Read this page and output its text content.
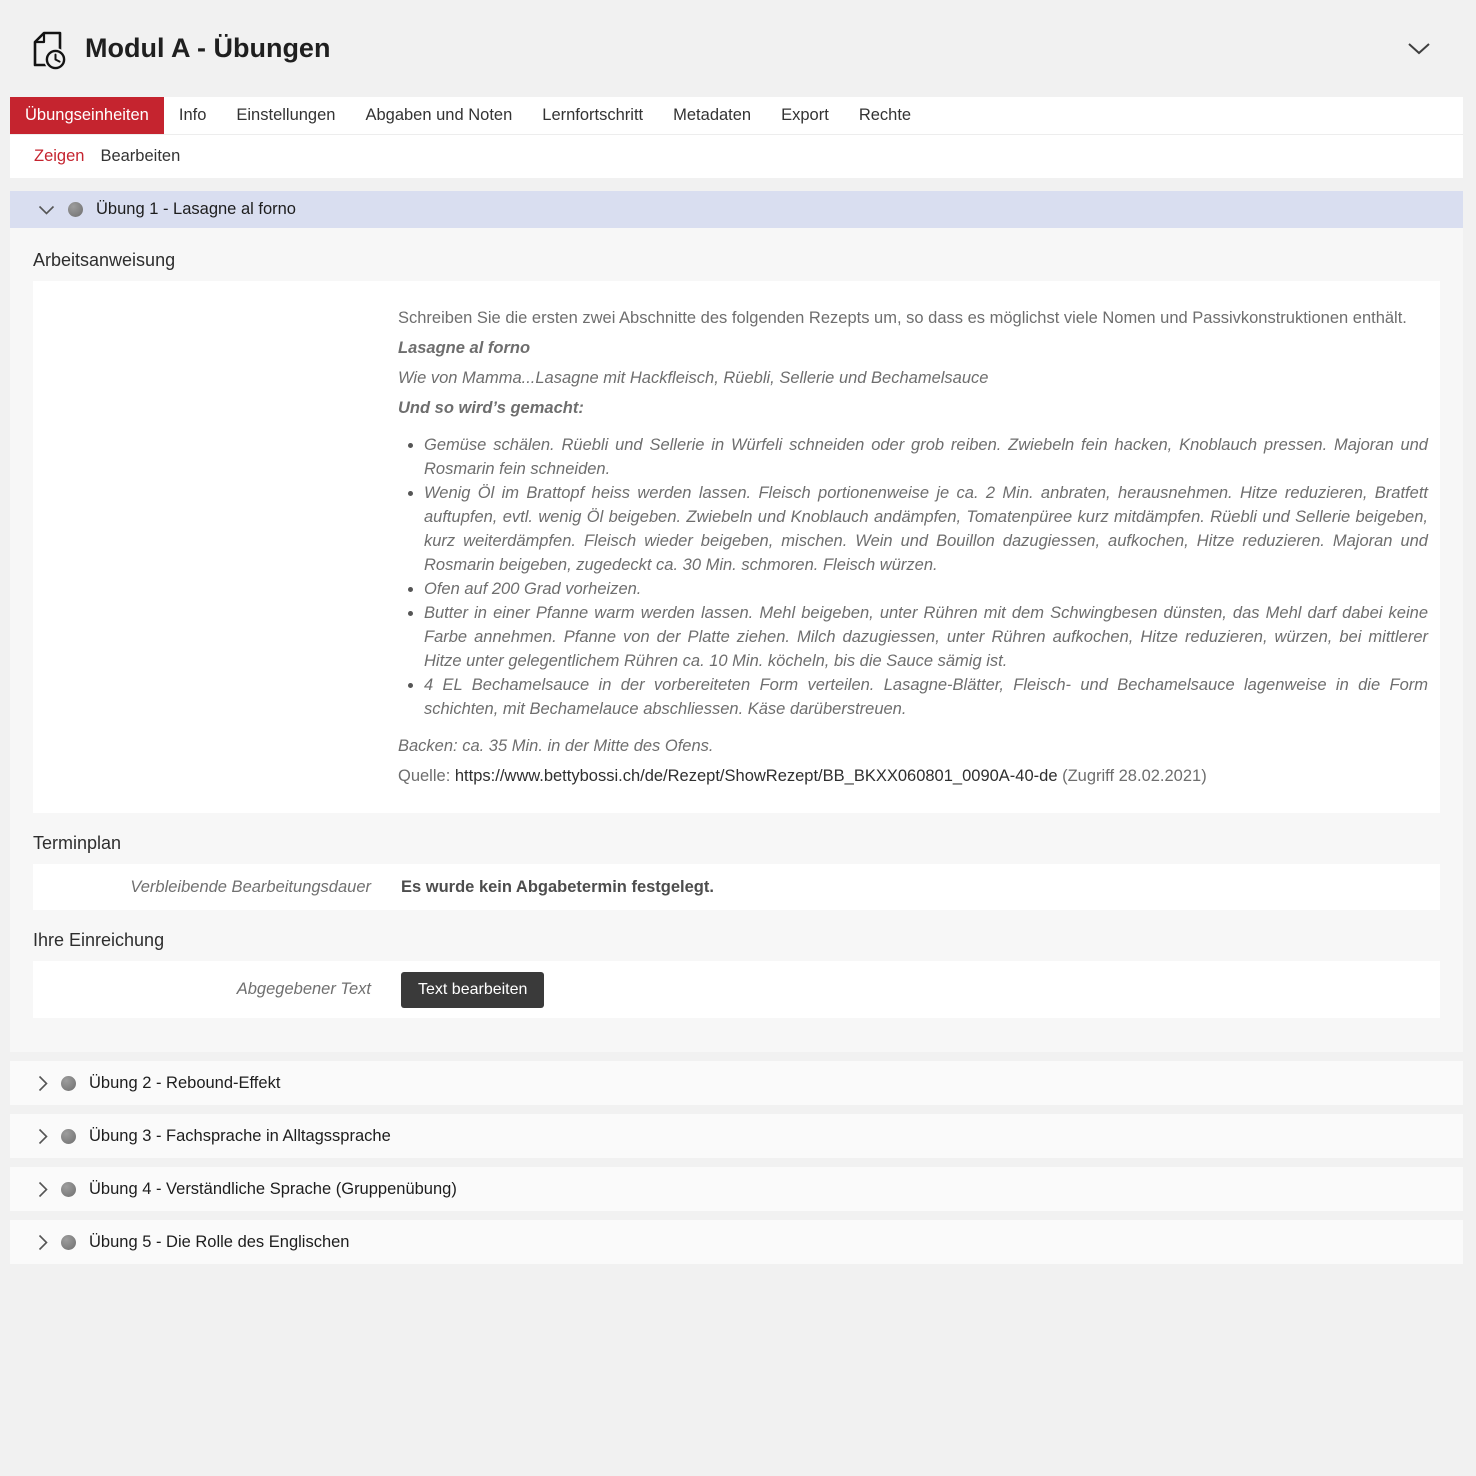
Modul A - Übungen
Übungseinheiten	Info	Einstellungen	Abgaben und Noten	Lernfortschritt	Metadaten	Export	Rechte
Zeigen Bearbeiten
Übung 1 - Lasagne al forno
Arbeitsanweisung

Schreiben Sie die ersten zwei Abschnitte des folgenden Rezepts um, so dass es möglichst viele Nomen und Passivkonstruktionen enthält.

Lasagne al forno

Wie von Mamma...Lasagne mit Hackfleisch, Rüebli, Sellerie und Bechamelsauce

Und so wird’s gemacht:

• Gemüse schälen. Rüebli und Sellerie in Würfeli schneiden oder grob reiben. Zwiebeln fein hacken, Knoblauch pressen. Majoran und Rosmarin fein schneiden.
• Wenig Öl im Brattopf heiss werden lassen. Fleisch portionenweise je ca. 2 Min. anbraten, herausnehmen. Hitze reduzieren, Bratfett auftupfen, evtl. wenig Öl beigeben. Zwiebeln und Knoblauch andämpfen, Tomatenpüree kurz mitdämpfen. Rüebli und Sellerie beigeben, kurz weiterdämpfen. Fleisch wieder beigeben, mischen. Wein und Bouillon dazugiessen, aufkochen, Hitze reduzieren. Majoran und Rosmarin beigeben, zugedeckt ca. 30 Min. schmoren. Fleisch würzen.
• Ofen auf 200 Grad vorheizen.
• Butter in einer Pfanne warm werden lassen. Mehl beigeben, unter Rühren mit dem Schwingbesen dünsten, das Mehl darf dabei keine Farbe annehmen. Pfanne von der Platte ziehen. Milch dazugiessen, unter Rühren aufkochen, Hitze reduzieren, würzen, bei mittlerer Hitze unter gelegentlichem Rühren ca. 10 Min. köcheln, bis die Sauce sämig ist.
• 4 EL Bechamelsauce in der vorbereiteten Form verteilen. Lasagne-Blätter, Fleisch- und Bechamelsauce lagenweise in die Form schichten, mit Bechamelauce abschliessen. Käse darüberstreuen.

Backen: ca. 35 Min. in der Mitte des Ofens.

Quelle: https://www.bettybossi.ch/de/Rezept/ShowRezept/BB_BKXX060801_0090A-40-de (Zugriff 28.02.2021)

Terminplan
Verbleibende Bearbeitungsdauer Es wurde kein Abgabetermin festgelegt.
Ihre Einreichung
Abgegebener Text	Text bearbeiten
Übung 2 - Rebound-Effekt
Übung 3 - Fachsprache in Alltagssprache
Übung 4 - Verständliche Sprache (Gruppenübung)
Übung 5 - Die Rolle des Englischen
